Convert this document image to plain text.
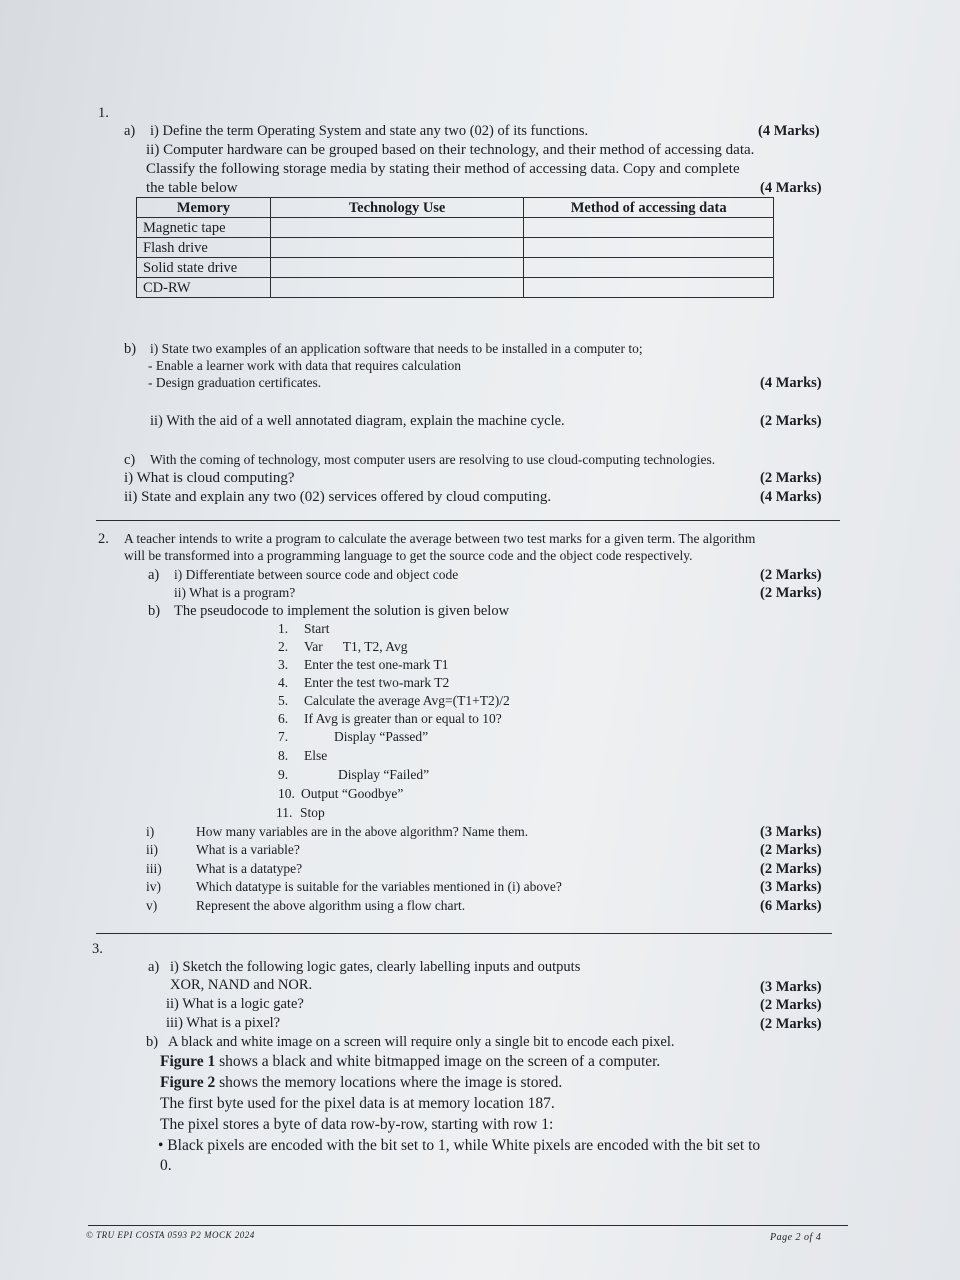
1.
a) i) Define the term Operating System and state any two (02) of its functions.	(4 Marks)
ii) Computer hardware can be grouped based on their technology, and their method of accessing data.
Classify the following storage media by stating their method of accessing data. Copy and complete
the table below	(4 Marks)
Memory	Technology Use	Method of accessing data
Magnetic tape		
Flash drive		
Solid state drive		
CD-RW		
b) i) State two examples of an application software that needs to be installed in a computer to;
- Enable a learner work with data that requires calculation
- Design graduation certificates.	(4 Marks)
ii) With the aid of a well annotated diagram, explain the machine cycle.	(2 Marks)
c) With the coming of technology, most computer users are resolving to use cloud-computing technologies.
i) What is cloud computing?	(2 Marks)
ii) State and explain any two (02) services offered by cloud computing.	(4 Marks)
2. A teacher intends to write a program to calculate the average between two test marks for a given term. The algorithm
will be transformed into a programming language to get the source code and the object code respectively.
a) i) Differentiate between source code and object code	(2 Marks)
ii) What is a program?	(2 Marks)
b) The pseudocode to implement the solution is given below
1. Start
2. Var      T1, T2, Avg
3. Enter the test one-mark T1
4. Enter the test two-mark T2
5. Calculate the average Avg=(T1+T2)/2
6. If Avg is greater than or equal to 10?
7.	Display “Passed”
8. Else
9.	Display “Failed”
10. Output “Goodbye”
11. Stop
i)	How many variables are in the above algorithm? Name them.	(3 Marks)
ii)	What is a variable?	(2 Marks)
iii)	What is a datatype?	(2 Marks)
iv)	Which datatype is suitable for the variables mentioned in (i) above?	(3 Marks)
v)	Represent the above algorithm using a flow chart.	(6 Marks)
3.
a) i) Sketch the following logic gates, clearly labelling inputs and outputs
XOR, NAND and NOR.	(3 Marks)
ii) What is a logic gate?	(2 Marks)
iii) What is a pixel?	(2 Marks)
b) A black and white image on a screen will require only a single bit to encode each pixel.
Figure 1 shows a black and white bitmapped image on the screen of a computer.
Figure 2 shows the memory locations where the image is stored.
The first byte used for the pixel data is at memory location 187.
The pixel stores a byte of data row-by-row, starting with row 1:
• Black pixels are encoded with the bit set to 1, while White pixels are encoded with the bit set to
0.
© TRU EPI COSTA 0593 P2 MOCK 2024	Page 2 of 4
